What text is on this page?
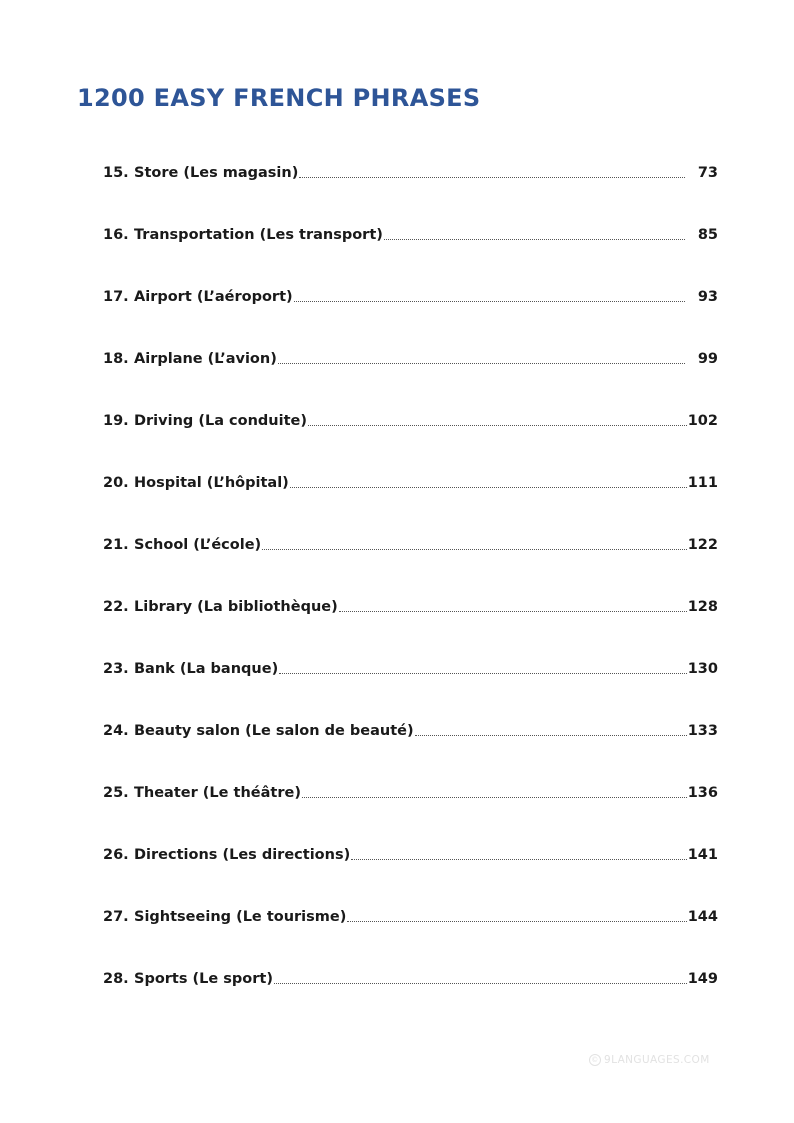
1200 EASY FRENCH PHRASES
15. Store (Les magasin)	73
16. Transportation (Les transport)	85
17. Airport (L’aéroport)	93
18. Airplane (L’avion)	99
19. Driving (La conduite)	102
20. Hospital (L’hôpital)	111
21. School (L’école)	122
22. Library (La bibliothèque)	128
23. Bank (La banque)	130
24. Beauty salon (Le salon de beauté)	133
25. Theater (Le théâtre)	136
26. Directions (Les directions)	141
27. Sightseeing (Le tourisme)	144
28. Sports (Le sport)	149
© 9LANGUAGES.COM
